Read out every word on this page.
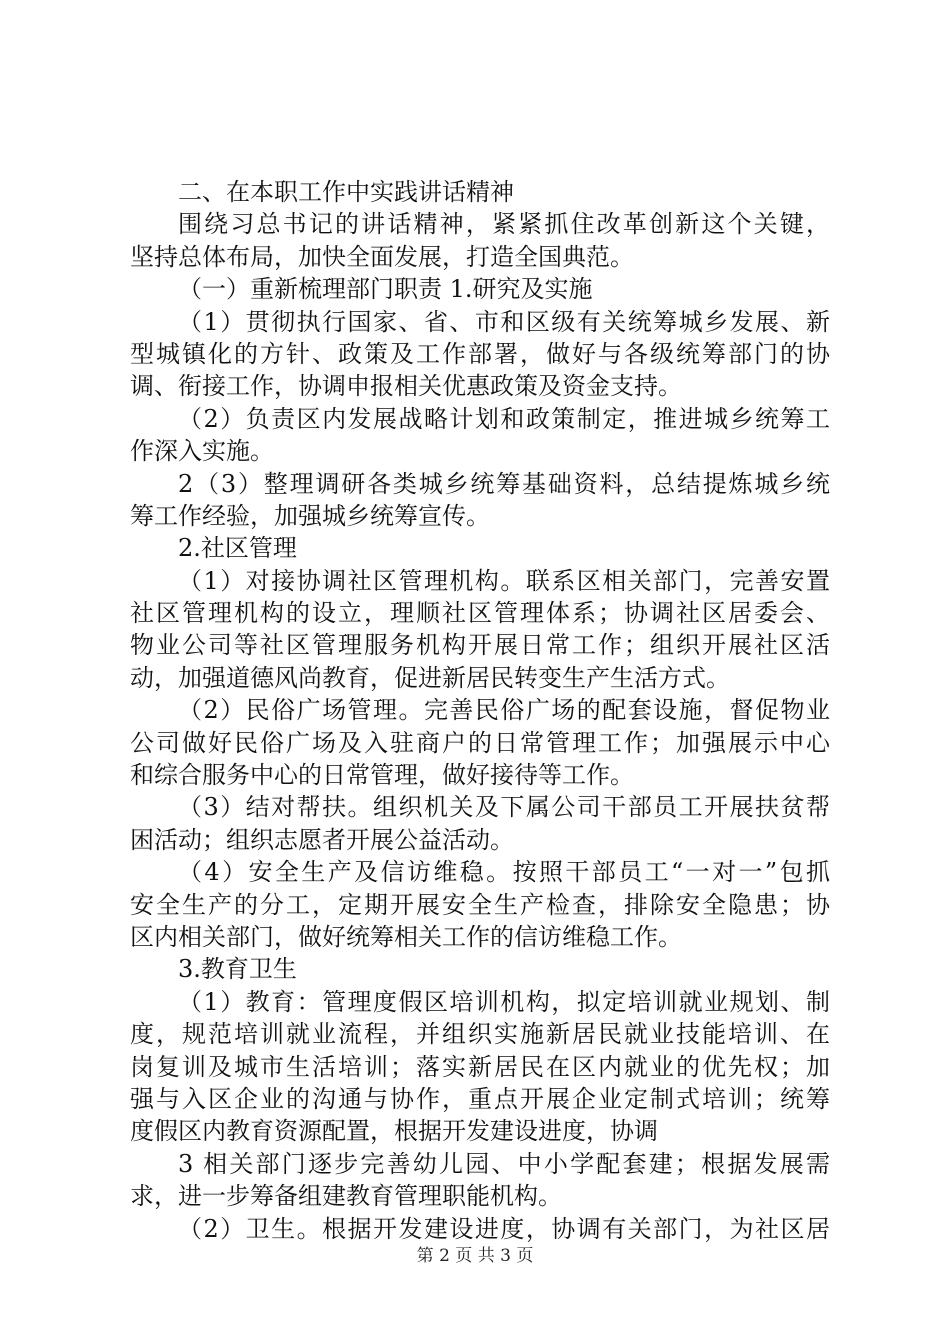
二、在本职工作中实践讲话精神
围绕习总书记的讲话精神，紧紧抓住改革创新这个关键，
坚持总体布局，加快全面发展，打造全国典范。
（一）重新梳理部门职责 1.研究及实施
（1）贯彻执行国家、省、市和区级有关统筹城乡发展、新
型城镇化的方针、政策及工作部署，做好与各级统筹部门的协
调、衔接工作，协调申报相关优惠政策及资金支持。
（2）负责区内发展战略计划和政策制定，推进城乡统筹工
作深入实施。
2（3）整理调研各类城乡统筹基础资料，总结提炼城乡统
筹工作经验，加强城乡统筹宣传。
2.社区管理
（1）对接协调社区管理机构。联系区相关部门，完善安置
社区管理机构的设立，理顺社区管理体系；协调社区居委会、
物业公司等社区管理服务机构开展日常工作；组织开展社区活
动，加强道德风尚教育，促进新居民转变生产生活方式。
（2）民俗广场管理。完善民俗广场的配套设施，督促物业
公司做好民俗广场及入驻商户的日常管理工作；加强展示中心
和综合服务中心的日常管理，做好接待等工作。
（3）结对帮扶。组织机关及下属公司干部员工开展扶贫帮
困活动；组织志愿者开展公益活动。
（4）安全生产及信访维稳。按照干部员工“一对一”包抓
安全生产的分工，定期开展安全生产检查，排除安全隐患；协
区内相关部门，做好统筹相关工作的信访维稳工作。
3.教育卫生
（1）教育：管理度假区培训机构，拟定培训就业规划、制
度，规范培训就业流程，并组织实施新居民就业技能培训、在
岗复训及城市生活培训；落实新居民在区内就业的优先权；加
强与入区企业的沟通与协作，重点开展企业定制式培训；统筹
度假区内教育资源配置，根据开发建设进度，协调
3 相关部门逐步完善幼儿园、中小学配套建；根据发展需
求，进一步筹备组建教育管理职能机构。
（2）卫生。根据开发建设进度，协调有关部门，为社区居
第 2 页 共 3 页
